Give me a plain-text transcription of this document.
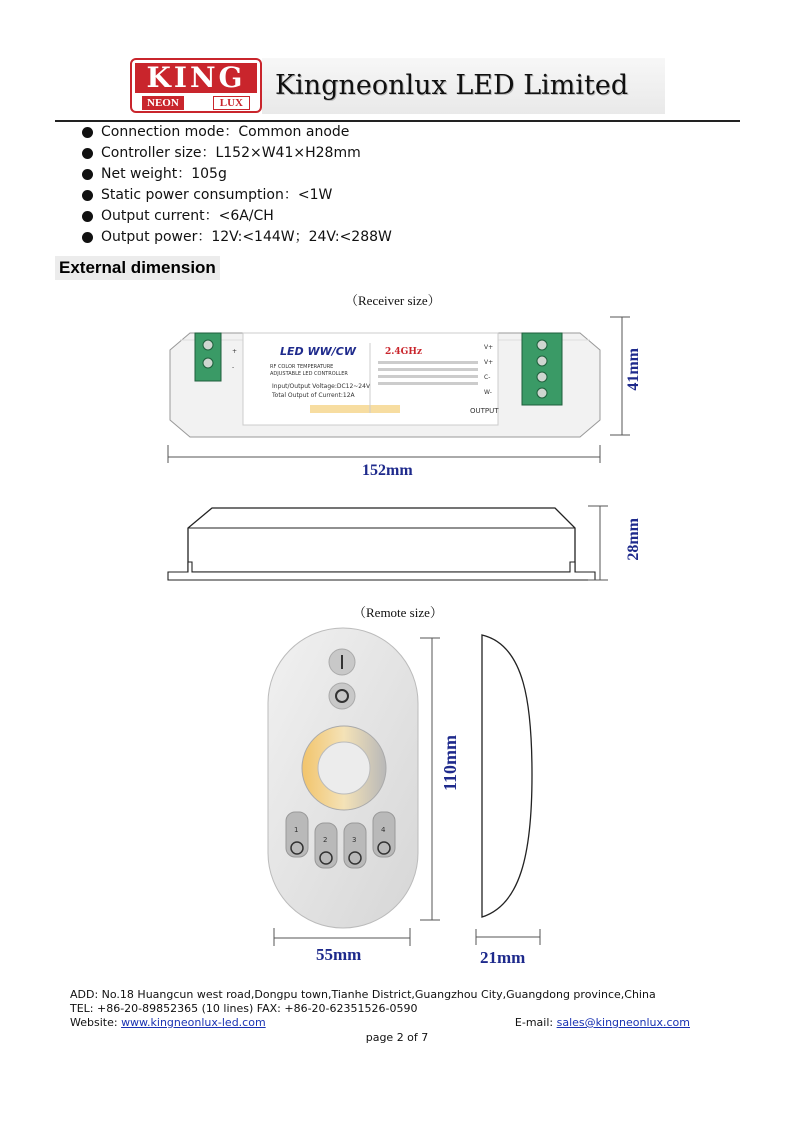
KING
NEON	LUX
Kingneonlux LED Limited
Connection mode：Common anode
Controller size：L152×W41×H28mm
Net weight：105g
Static power consumption：<1W
Output current：<6A/CH
Output power：12V:<144W；24V:<288W
External dimension
（Receiver size）
+
-
LED WW/CW
RF COLOR TEMPERATURE
ADJUSTABLE LED CONTROLLER
Input/Output Voltage:DC12~24V
Total Output of Current:12A
2.4GHz	V+
V+
C-
W-
OUTPUT
152mm
41mm
28mm
（Remote size）
1
2	3
4
110mm
55mm	21mm
ADD: No.18 Huangcun west road,Dongpu town,Tianhe District,Guangzhou City,Guangdong province,China
TEL: +86-20-89852365 (10 lines) FAX: +86-20-62351526-0590
Website: www.kingneonlux-led.com	E-mail: sales@kingneonlux.com
page 2 of 7
